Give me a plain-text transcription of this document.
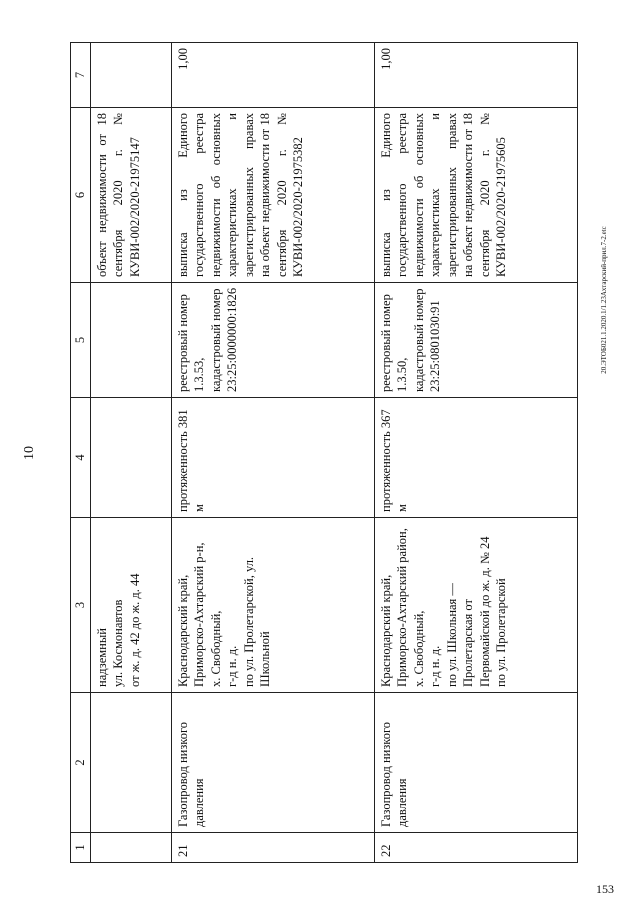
10
20.ЭТОБ021.1.2020.1/1.23Ахтарский-прил.7-2.etc
153
1	2	3	4	5	6	7
		надземный ул. Космонавтов от ж. д. 42 до ж. д. 44			объект недвижимости от 18 сентября 2020 г. № КУВИ-002/2020-21975147	
21	Газопровод низкого давления	Краснодарский край, Приморско-Ахтарский р-н, х. Свободный, г-д н. д. по ул. Пролетарской, ул. Школьной	протяженность 381 м	реестровый номер 1.3.53, кадастровый номер 23:25:0000000:1826	выписка из Единого государственного реестра недвижимости об основных характеристиках и зарегистрированных правах на объект недвижимости от 18 сентября 2020 г. № КУВИ-002/2020-21975382	1,00
22	Газопровод низкого давления	Краснодарский край, Приморско-Ахтарский район, х. Свободный, г-д н. д. по ул. Школьная — Пролетарская от Первомайской до ж. д. № 24 по ул. Пролетарской	протяженность 367 м	реестровый номер 1.3.50, кадастровый номер 23:25:0801030:91	выписка из Единого государственного реестра недвижимости об основных характеристиках и зарегистрированных правах на объект недвижимости от 18 сентября 2020 г. № КУВИ-002/2020-21975605	1,00
